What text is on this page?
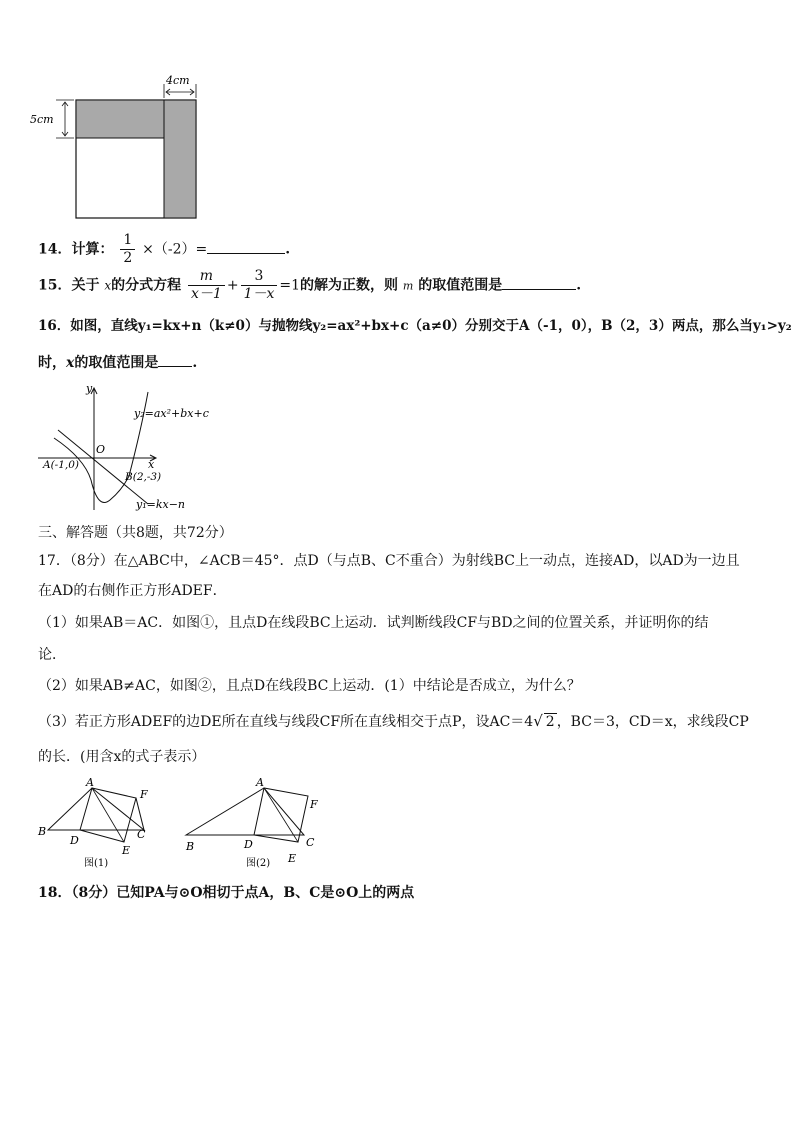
4cm
5cm
14．计算： $\frac{1}{2} \times(-2)=$	.
15．关于 x的分式方程 $\frac{m}{x-1} + \frac{3}{1-x} =1$的解为正数，则 m 的取值范围是	.
16．如图，直线y₁=kx+n（k≠0）与抛物线y₂=ax²+bx+c（a≠0）分别交于A（-1，0），B（2，3）两点，那么当y₁>y₂
时，x的取值范围是 .
y
x
O
A(-1,0)
B(2,-3)
y₂=ax²+bx+c
y₁=kx−n
三、解答题（共8题，共72分）
17．（8分）在△ABC中，∠ACB＝45°．点D（与点B、C不重合）为射线BC上一动点，连接AD，以AD为一边且
在AD的右侧作正方形ADEF．
（1）如果AB＝AC．如图①，且点D在线段BC上运动．试判断线段CF与BD之间的位置关系，并证明你的结
论．
（2）如果AB≠AC，如图②，且点D在线段BC上运动．(1）中结论是否成立，为什么？
（3）若正方形ADEF的边DE所在直线与线段CF所在直线相交于点P，设AC＝4√ 2 ，BC＝3，CD＝x，求线段CP
的长．(用含x的式子表示）
A
B	C
D
E
F
图(1)
A
B	C
D
E
F
图(2)
18．（8分）已知PA与⊙O相切于点A，B、C是⊙O上的两点
